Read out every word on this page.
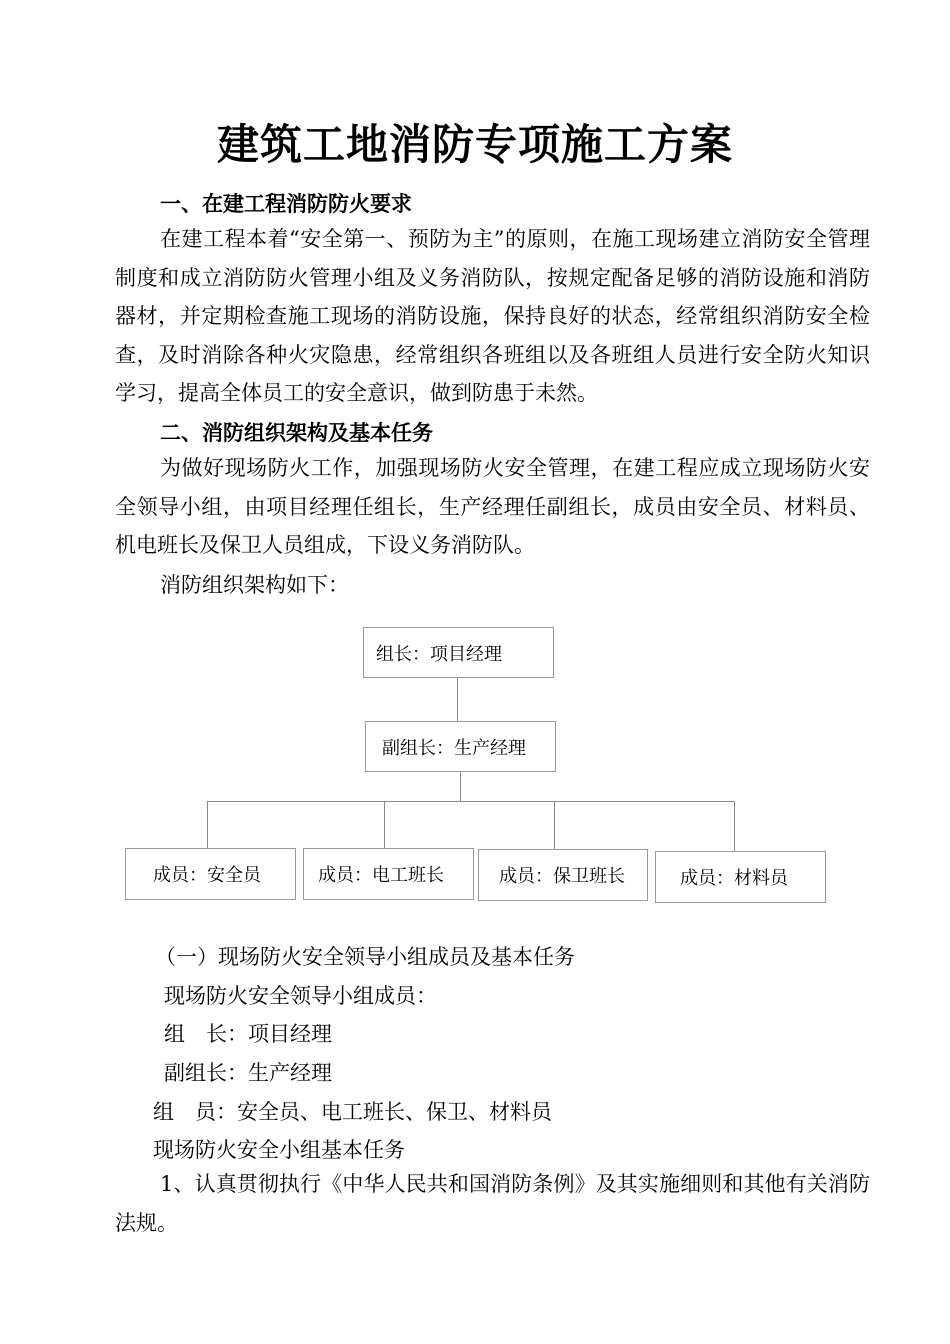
建筑工地消防专项施工方案
一、在建工程消防防火要求
在建工程本着“安全第一、预防为主”的原则，在施工现场建立消防安全管理制度和成立消防防火管理小组及义务消防队，按规定配备足够的消防设施和消防器材，并定期检查施工现场的消防设施，保持良好的状态，经常组织消防安全检查，及时消除各种火灾隐患，经常组织各班组以及各班组人员进行安全防火知识学习，提高全体员工的安全意识，做到防患于未然。
二、消防组织架构及基本任务
为做好现场防火工作，加强现场防火安全管理，在建工程应成立现场防火安全领导小组，由项目经理任组长，生产经理任副组长，成员由安全员、材料员、机电班长及保卫人员组成，下设义务消防队。
消防组织架构如下：
组长：项目经理
副组长：生产经理
成员：安全员	成员：电工班长	成员：保卫班长	成员：材料员
（一）现场防火安全领导小组成员及基本任务
现场防火安全领导小组成员：
组　长：项目经理
副组长：生产经理
组　员：安全员、电工班长、保卫、材料员
现场防火安全小组基本任务
1、认真贯彻执行《中华人民共和国消防条例》及其实施细则和其他有关消防法规。
